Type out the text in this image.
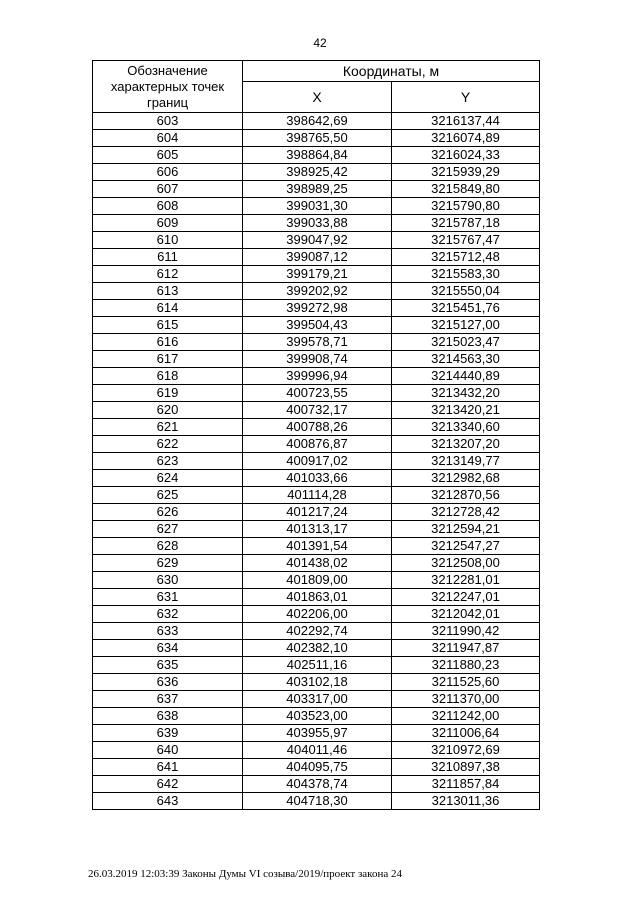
42
Обозначение характерных точек границ	Координаты, м	
	X	Y
603	398642,69	3216137,44
604	398765,50	3216074,89
605	398864,84	3216024,33
606	398925,42	3215939,29
607	398989,25	3215849,80
608	399031,30	3215790,80
609	399033,88	3215787,18
610	399047,92	3215767,47
611	399087,12	3215712,48
612	399179,21	3215583,30
613	399202,92	3215550,04
614	399272,98	3215451,76
615	399504,43	3215127,00
616	399578,71	3215023,47
617	399908,74	3214563,30
618	399996,94	3214440,89
619	400723,55	3213432,20
620	400732,17	3213420,21
621	400788,26	3213340,60
622	400876,87	3213207,20
623	400917,02	3213149,77
624	401033,66	3212982,68
625	401114,28	3212870,56
626	401217,24	3212728,42
627	401313,17	3212594,21
628	401391,54	3212547,27
629	401438,02	3212508,00
630	401809,00	3212281,01
631	401863,01	3212247,01
632	402206,00	3212042,01
633	402292,74	3211990,42
634	402382,10	3211947,87
635	402511,16	3211880,23
636	403102,18	3211525,60
637	403317,00	3211370,00
638	403523,00	3211242,00
639	403955,97	3211006,64
640	404011,46	3210972,69
641	404095,75	3210897,38
642	404378,74	3211857,84
643	404718,30	3213011,36
26.03.2019 12:03:39 Законы Думы VI созыва/2019/проект закона 24
